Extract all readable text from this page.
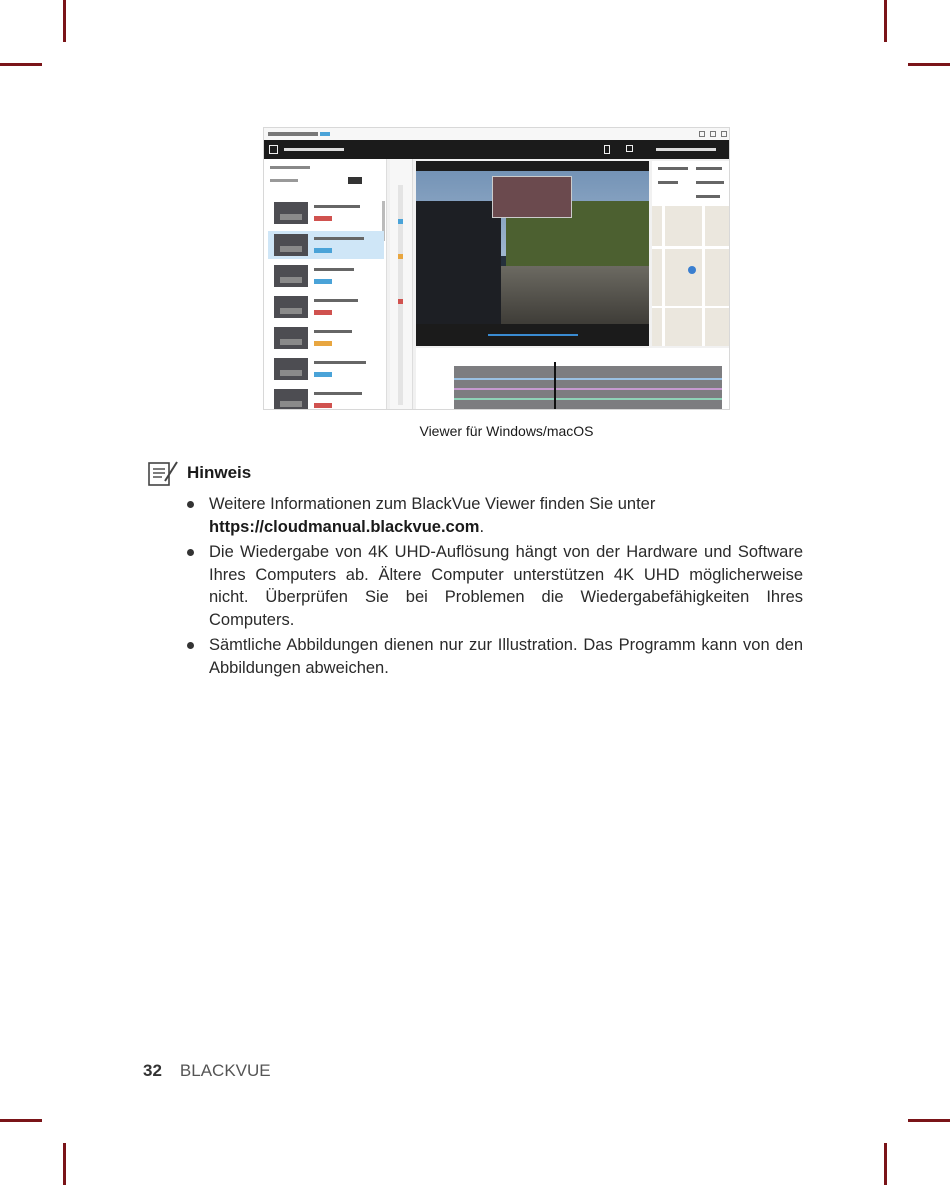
Viewer für Windows/macOS
Hinweis
Weitere Informationen zum BlackVue Viewer finden Sie unter
https://cloudmanual.blackvue.com.
Die Wiedergabe von 4K UHD-Auflösung hängt von der Hardware und Software Ihres Computers ab. Ältere Computer unterstützen 4K UHD möglicherweise nicht. Überprüfen Sie bei Problemen die Wiedergabefähigkeiten Ihres Computers.
Sämtliche Abbildungen dienen nur zur Illustration. Das Programm kann von den Abbildungen abweichen.
32 BLACKVUE
